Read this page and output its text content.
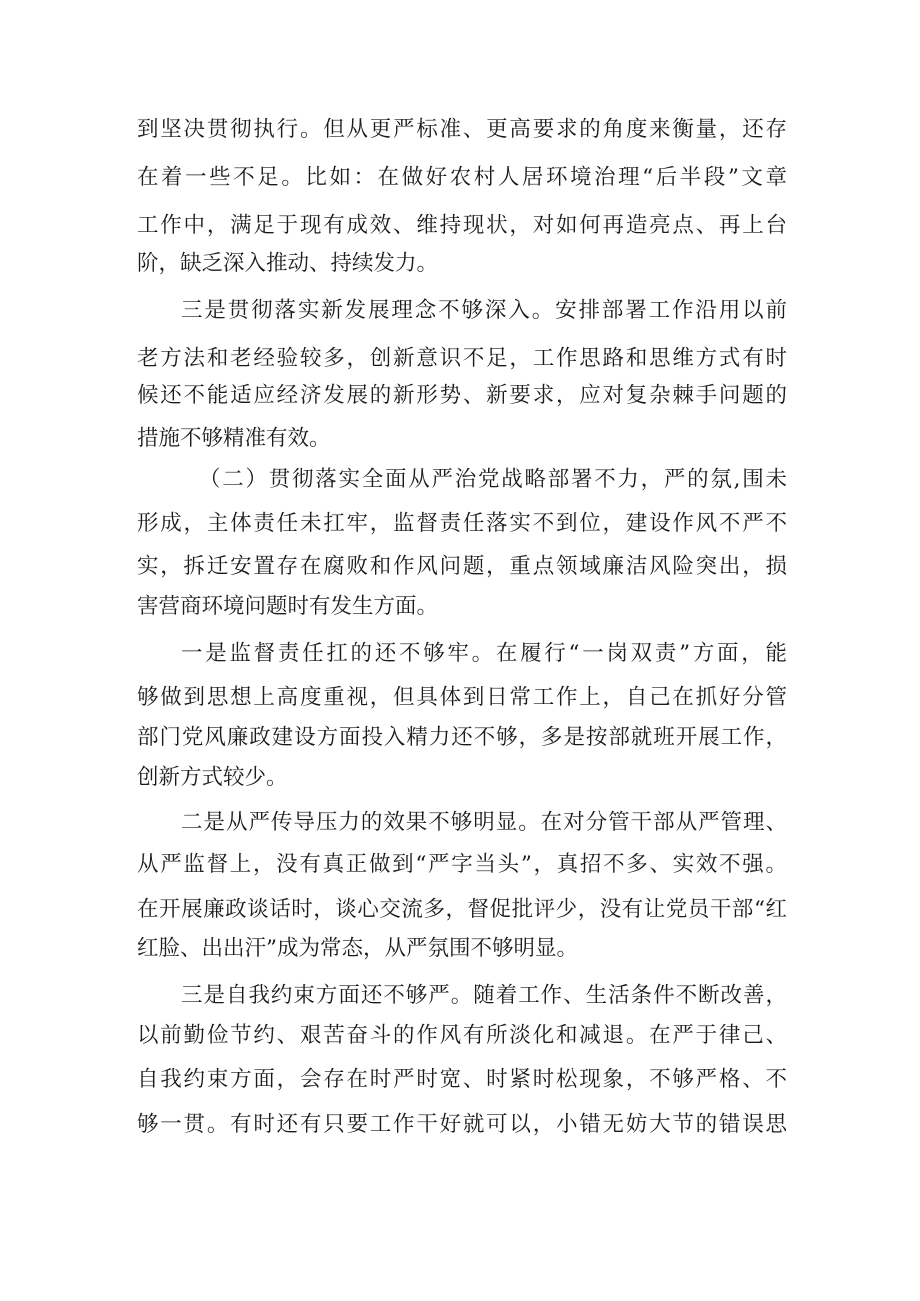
到坚决贯彻执行。但从更严标准、更高要求的角度来衡量，还存
在着一些不足。比如：在做好农村人居环境治理“后半段”文章
工作中，满足于现有成效、维持现状，对如何再造亮点、再上台
阶，缺乏深入推动、持续发力。
三是贯彻落实新发展理念不够深入。安排部署工作沿用以前
老方法和老经验较多，创新意识不足，工作思路和思维方式有时
候还不能适应经济发展的新形势、新要求，应对复杂棘手问题的
措施不够精准有效。
（二）贯彻落实全面从严治党战略部署不力，严的氛,围未
形成，主体责任未扛牢，监督责任落实不到位，建设作风不严不
实，拆迁安置存在腐败和作风问题，重点领域廉洁风险突出，损
害营商环境问题时有发生方面。
一是监督责任扛的还不够牢。在履行“一岗双责”方面，能
够做到思想上高度重视，但具体到日常工作上，自己在抓好分管
部门党风廉政建设方面投入精力还不够，多是按部就班开展工作，
创新方式较少。
二是从严传导压力的效果不够明显。在对分管干部从严管理、
从严监督上，没有真正做到“严字当头”，真招不多、实效不强。
在开展廉政谈话时，谈心交流多，督促批评少，没有让党员干部“红
红脸、出出汗”成为常态，从严氛围不够明显。
三是自我约束方面还不够严。随着工作、生活条件不断改善，
以前勤俭节约、艰苦奋斗的作风有所淡化和减退。在严于律己、
自我约束方面，会存在时严时宽、时紧时松现象，不够严格、不
够一贯。有时还有只要工作干好就可以，小错无妨大节的错误思
